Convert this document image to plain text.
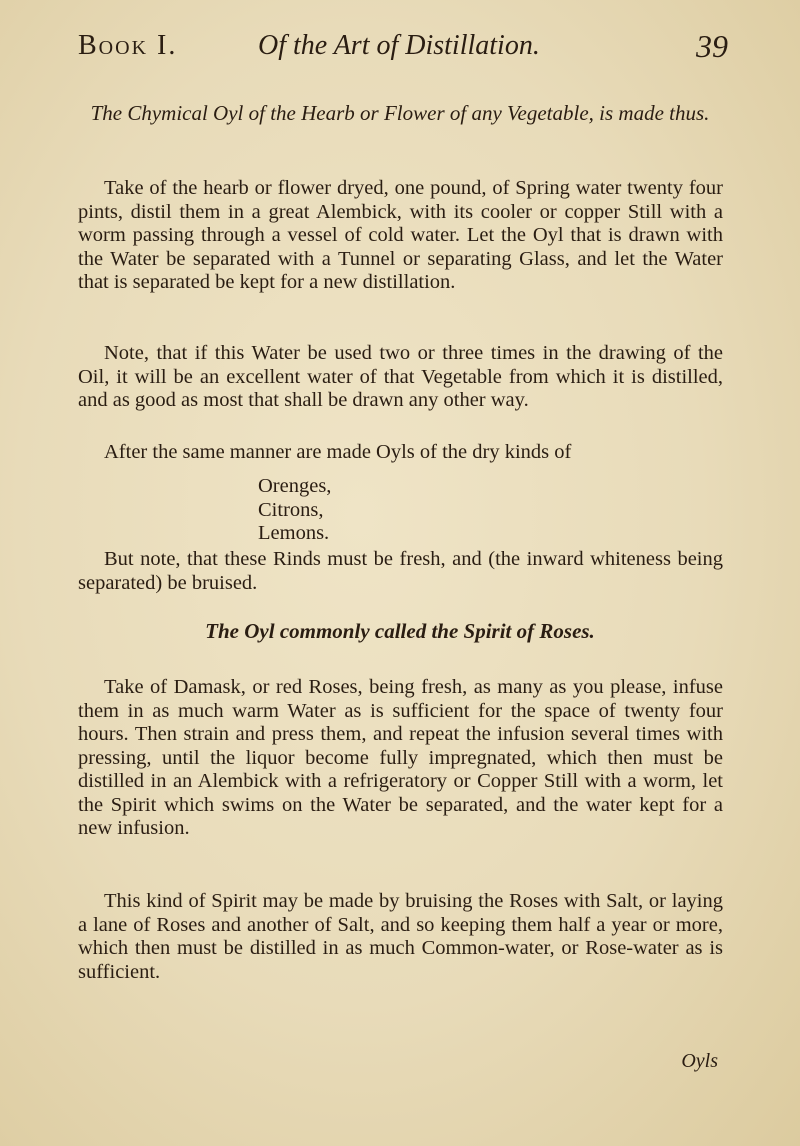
Book I.	Of the Art of Distillation.	39
The Chymical Oyl of the Hearb or Flower of any Vegetable, is made thus.

Take of the hearb or flower dryed, one pound, of Spring water twenty four pints, distil them in a great Alembick, with its cooler or copper Still with a worm passing through a vessel of cold water. Let the Oyl that is drawn with the Water be separated with a Tunnel or separating Glass, and let the Water that is separated be kept for a new distillation.

Note, that if this Water be used two or three times in the drawing of the Oil, it will be an excellent water of that Vegetable from which it is distilled, and as good as most that shall be drawn any other way.

After the same manner are made Oyls of the dry kinds of

Orenges,
Citrons,
Lemons.

But note, that these Rinds must be fresh, and (the inward whiteness being separated) be bruised.

The Oyl commonly called the Spirit of Roses.

Take of Damask, or red Roses, being fresh, as many as you please, infuse them in as much warm Water as is sufficient for the space of twenty four hours. Then strain and press them, and repeat the infusion several times with pressing, until the liquor become fully impregnated, which then must be distilled in an Alembick with a refrigeratory or Copper Still with a worm, let the Spirit which swims on the Water be separated, and the water kept for a new infusion.

This kind of Spirit may be made by bruising the Roses with Salt, or laying a lane of Roses and another of Salt, and so keeping them half a year or more, which then must be distilled in as much Common-water, or Rose-water as is sufficient.

Oyls
